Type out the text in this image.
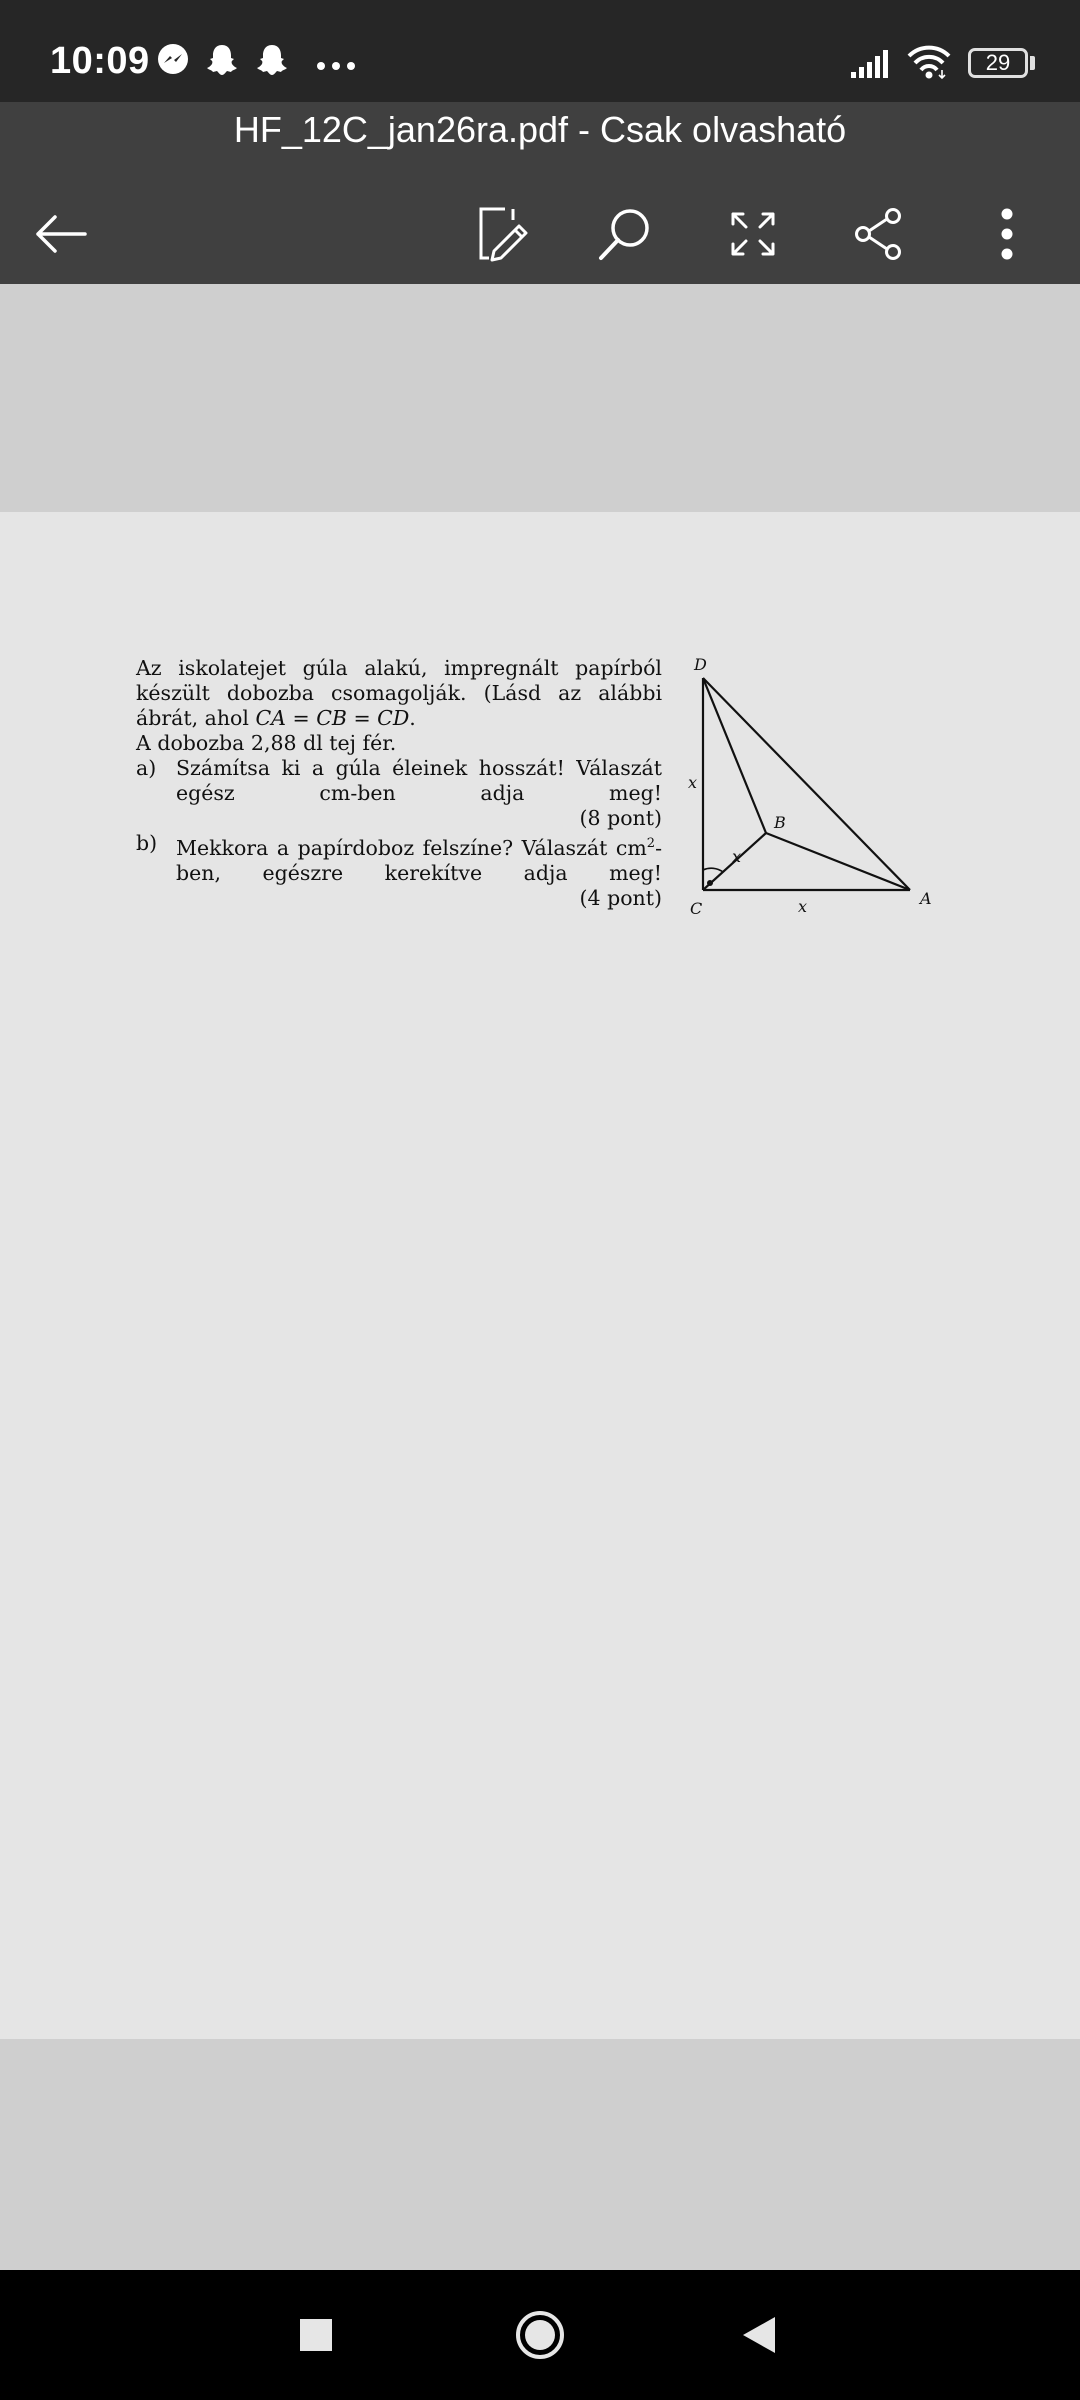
10:09	29
HF_12C_jan26ra.pdf - Csak olvasható
Az iskolatejet gúla alakú, impregnált papírból
készült dobozba csomagolják. (Lásd az alábbi
ábrát, ahol CA = CB = CD.
A dobozba 2,88 dl tej fér.
a) Számítsa ki a gúla éleinek hosszát! Válaszát
egész cm-ben adja meg!
(8 pont)
b) Mekkora a papírdoboz felszíne? Válaszát $cm^2-$
ben, egészre kerekítve adja meg!
(4 pont)
D
C
A
B
x
x
x
